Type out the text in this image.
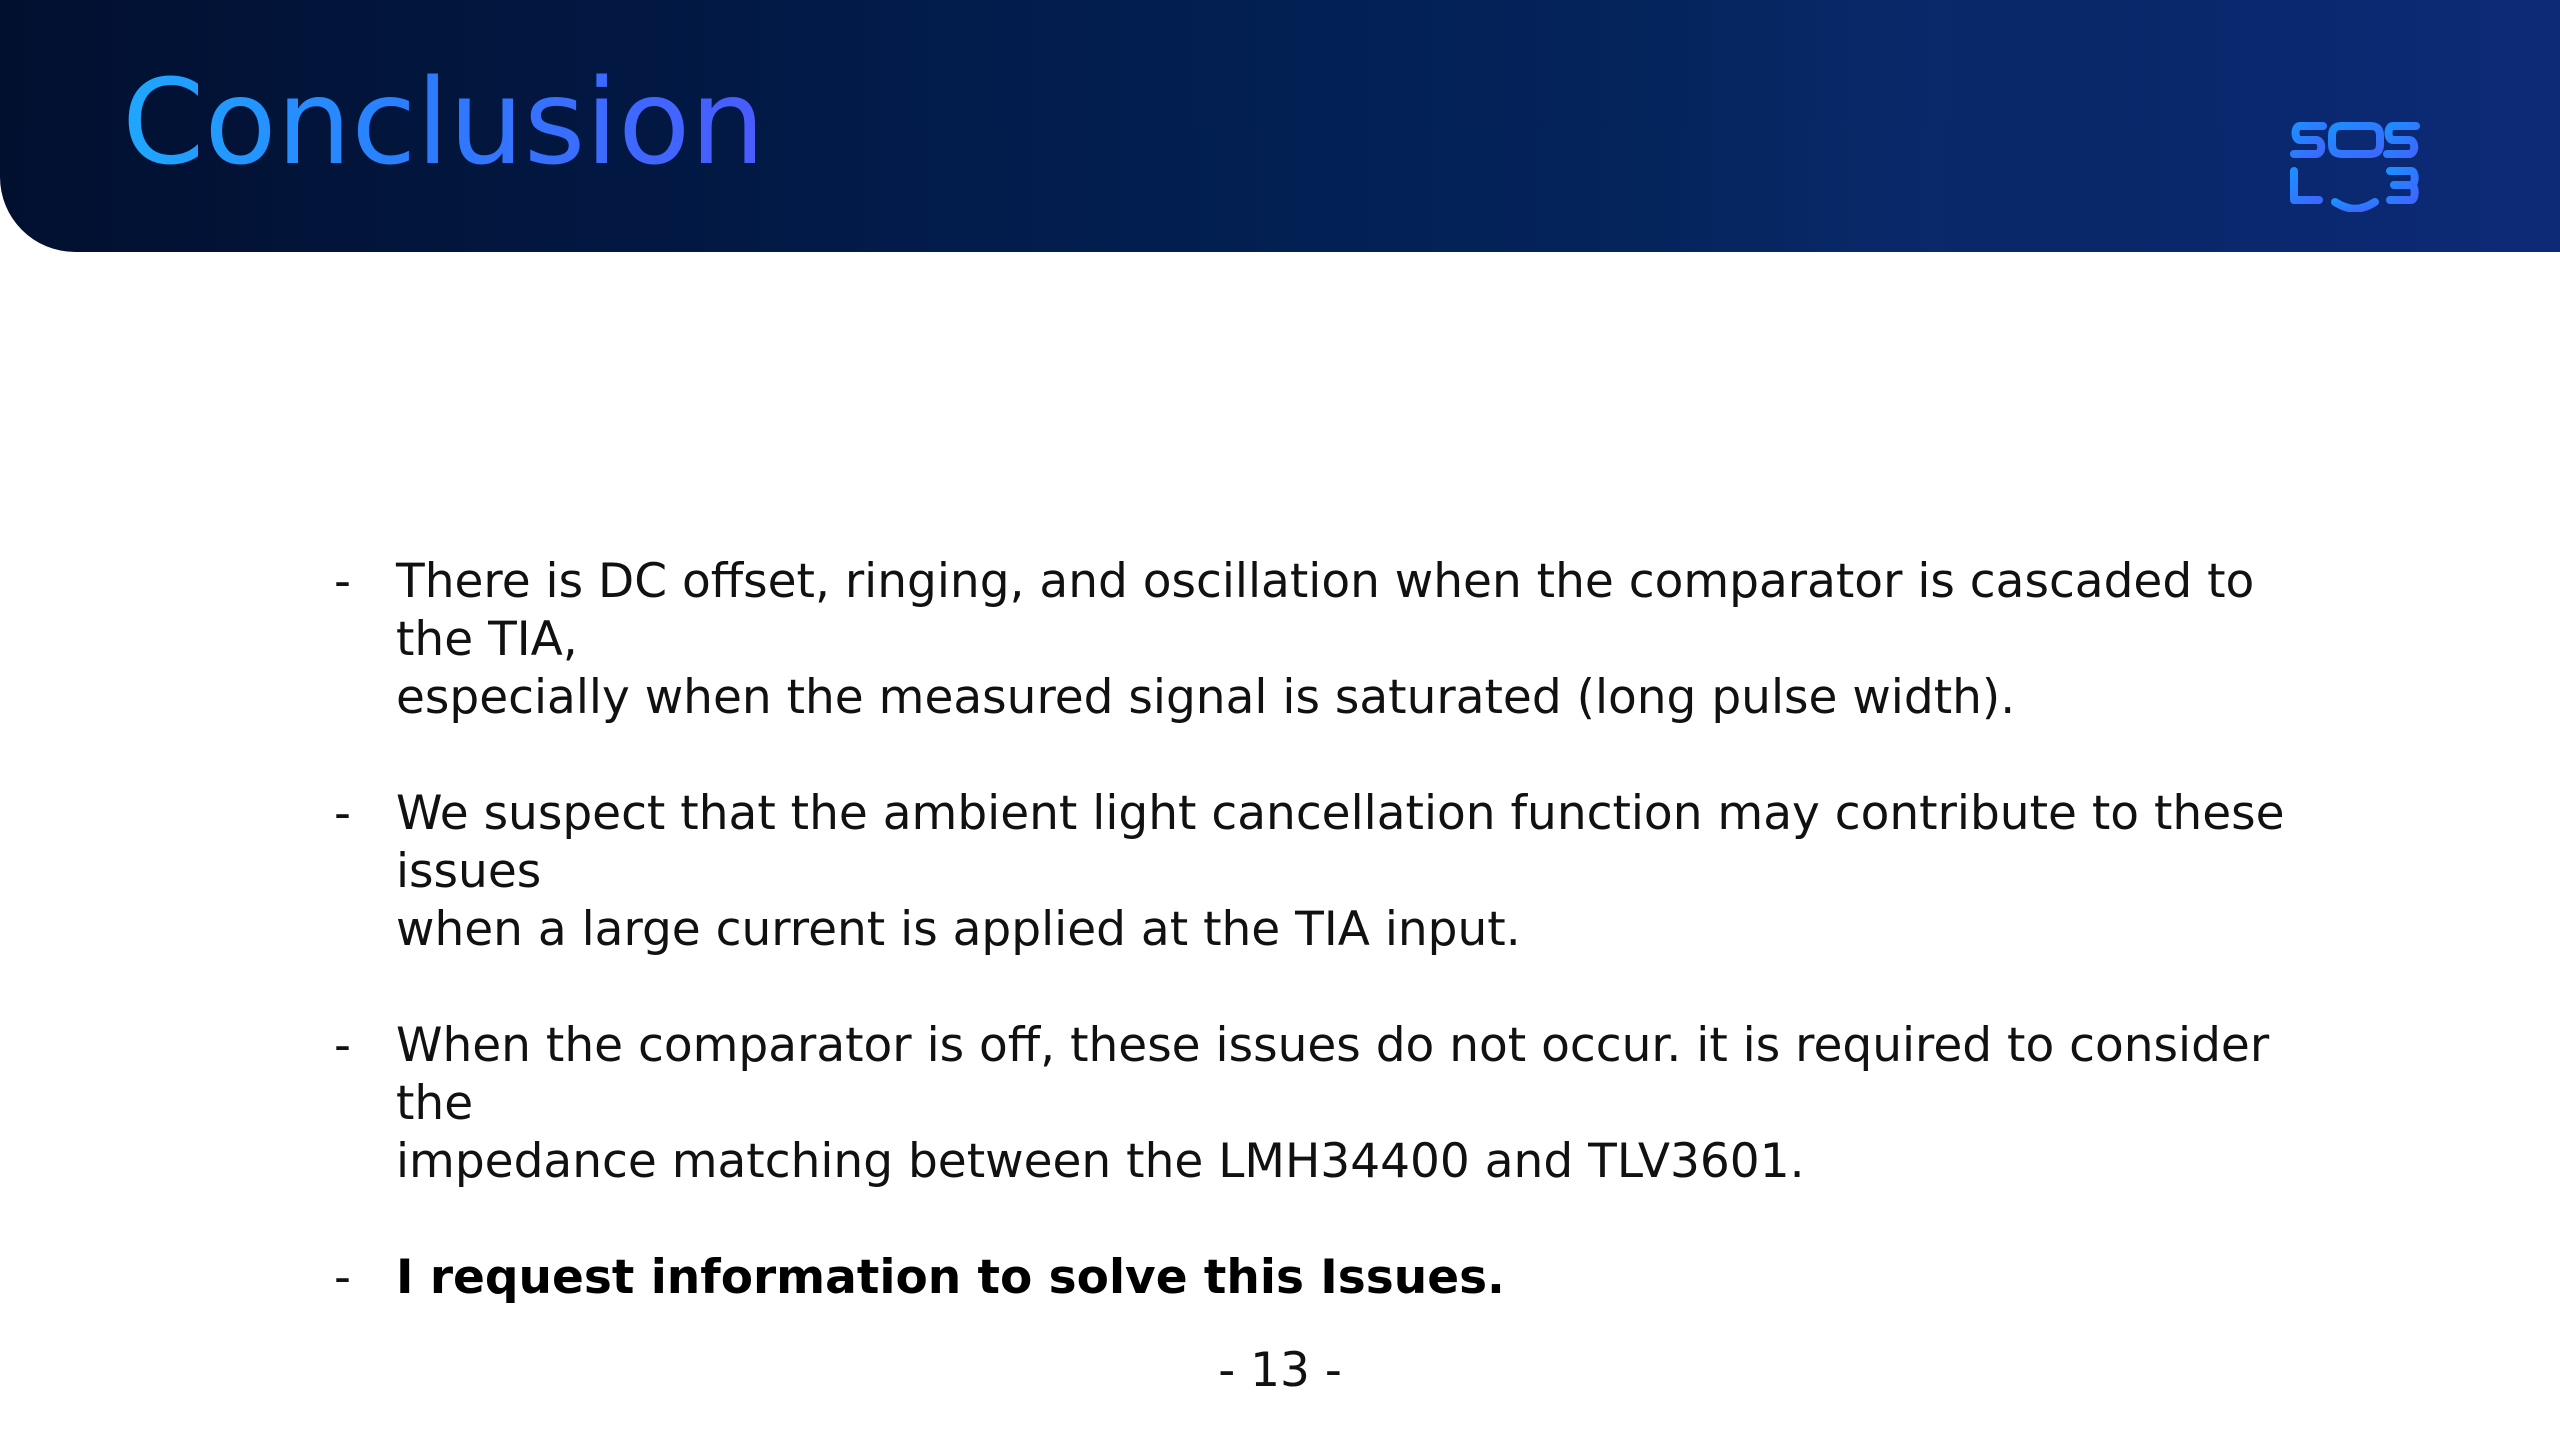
Conclusion
- There is DC offset, ringing, and oscillation when the comparator is cascaded to the TIA,
especially when the measured signal is saturated (long pulse width).
- We suspect that the ambient light cancellation function may contribute to these issues
when a large current is applied at the TIA input.
- When the comparator is off, these issues do not occur. it is required to consider the
impedance matching between the LMH34400 and TLV3601.
- I request information to solve this Issues.
- 13 -
